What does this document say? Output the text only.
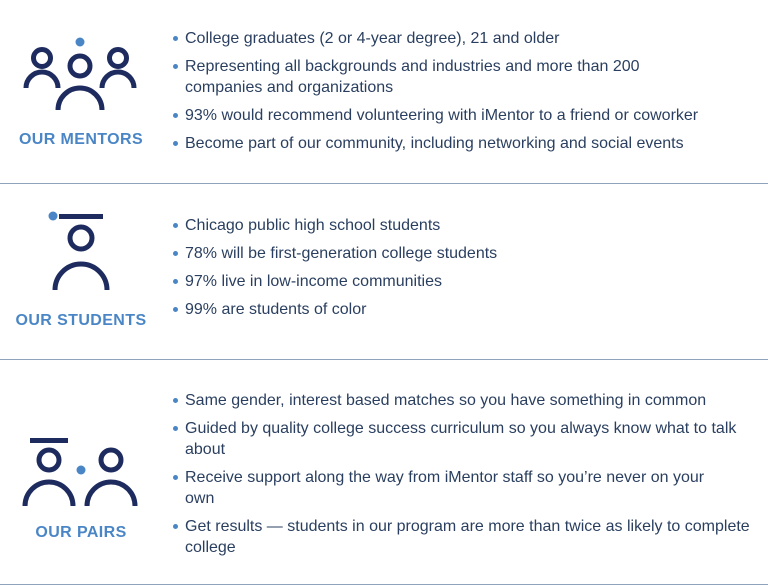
OUR MENTORS
College graduates (2 or 4-year degree), 21 and older
Representing all backgrounds and industries and more than 200 companies and organizations
93% would recommend volunteering with iMentor to a friend or coworker
Become part of our community, including networking and social events
OUR STUDENTS
Chicago public high school students
78% will be first-generation college students
97% live in low-income communities
99% are students of color
OUR PAIRS
Same gender, interest based matches so you have something in common
Guided by quality college success curriculum so you always know what to talk about
Receive support along the way from iMentor staff so you’re never on your own
Get results — students in our program are more than twice as likely to complete college
